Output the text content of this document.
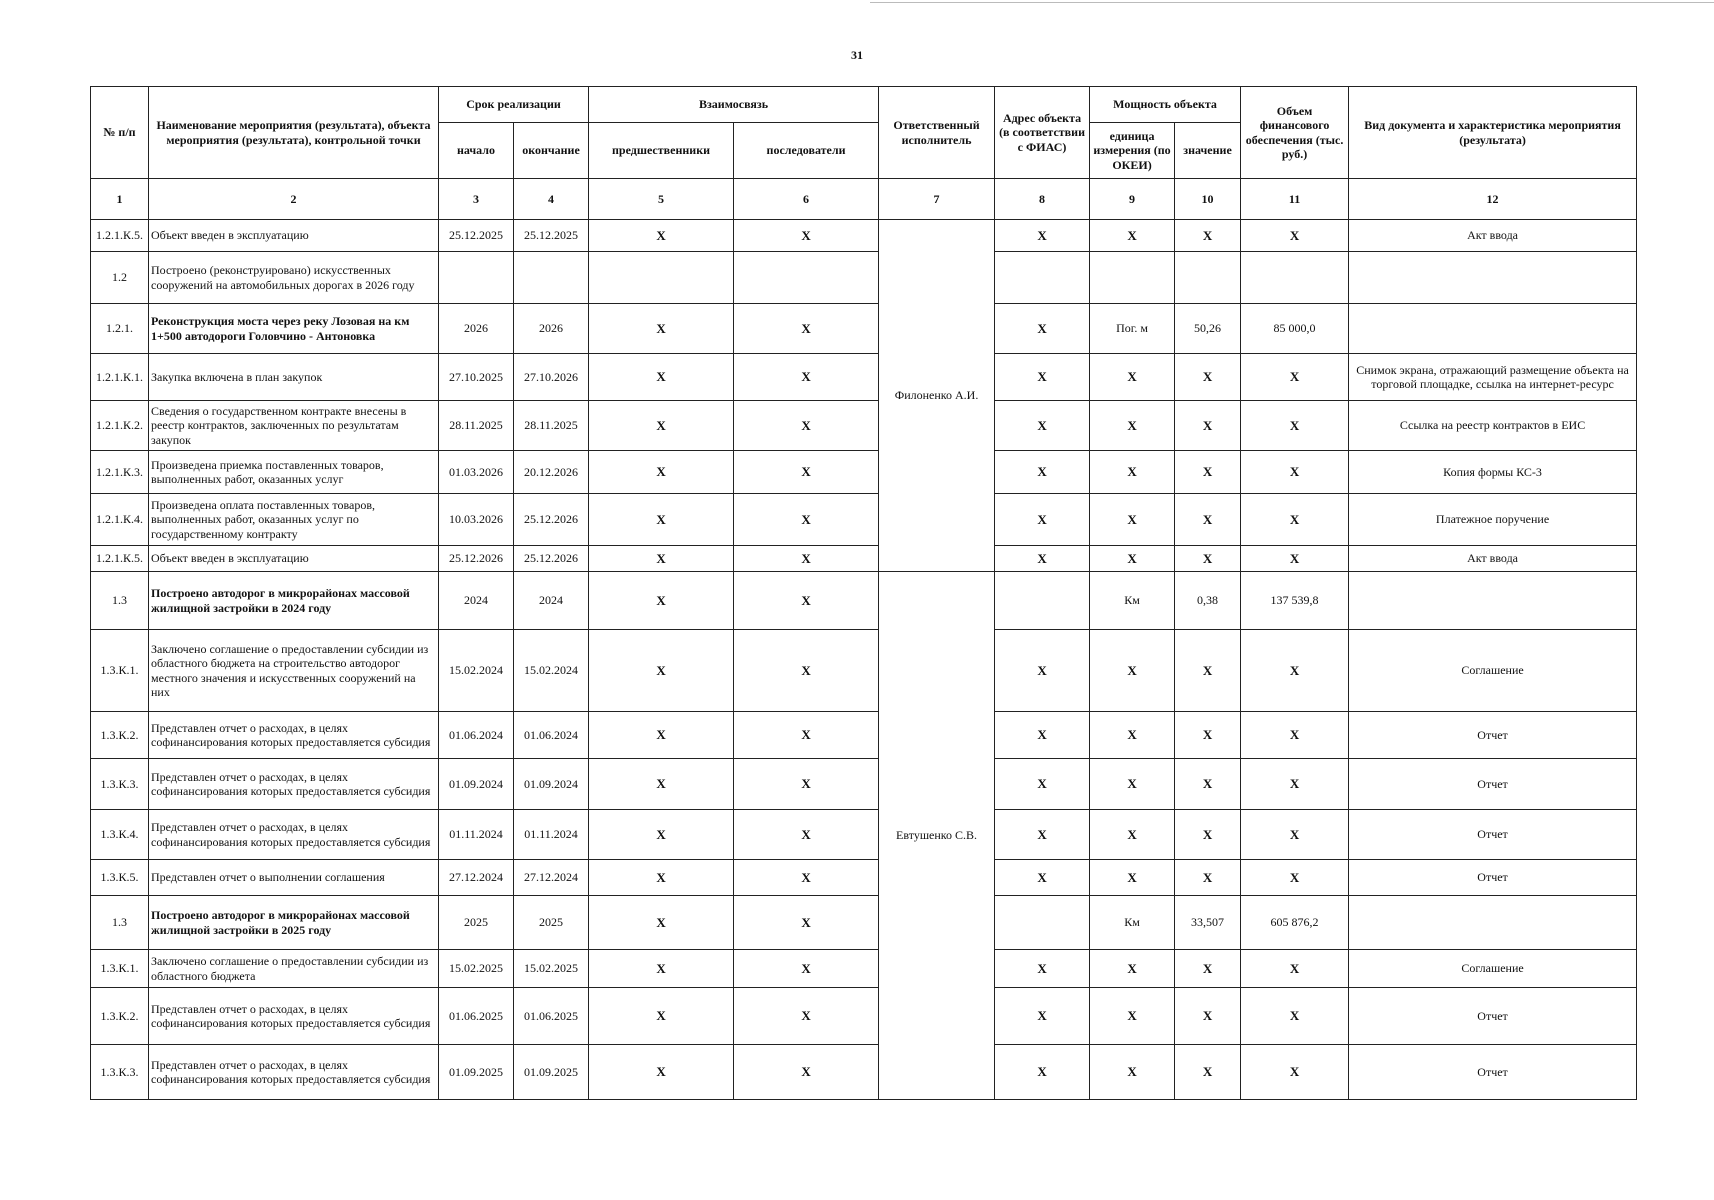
31
№ п/п	Наименование мероприятия (результата), объекта мероприятия (результата), контрольной точки	Срок реализации		Взаимосвязь		Ответственный исполнитель	Адрес объекта (в соответствии с ФИАС)	Мощность объекта		Объем финансового обеспечения (тыс. руб.)	Вид документа и характеристика мероприятия (результата)
		начало	окончание	предшественники	последователи			единица измерения (по ОКЕИ)	значение		
1	2	3	4	5	6	7	8	9	10	11	12
1.2.1.К.5.	Объект введен в эксплуатацию	25.12.2025	25.12.2025	X	X	Филоненко А.И.	X	X	X	X	Акт ввода
1.2	Построено (реконструировано) искусственных сооружений на автомобильных дорогах в 2026 году										
1.2.1.	Реконструкция моста через реку Лозовая на км 1+500 автодороги Головчино - Антоновка	2026	2026	X	X		X	Пог. м	50,26	85 000,0	
1.2.1.К.1.	Закупка включена в план закупок	27.10.2025	27.10.2026	X	X		X	X	X	X	Снимок экрана, отражающий размещение объекта на торговой площадке, ссылка на интернет-ресурс
1.2.1.К.2.	Сведения о государственном контракте внесены в реестр контрактов, заключенных по результатам закупок	28.11.2025	28.11.2025	X	X		X	X	X	X	Ссылка на реестр контрактов в ЕИС
1.2.1.К.3.	Произведена приемка поставленных товаров, выполненных работ, оказанных услуг	01.03.2026	20.12.2026	X	X		X	X	X	X	Копия формы КС-3
1.2.1.К.4.	Произведена оплата поставленных товаров, выполненных работ, оказанных услуг по государственному контракту	10.03.2026	25.12.2026	X	X		X	X	X	X	Платежное поручение
1.2.1.К.5.	Объект введен в эксплуатацию	25.12.2026	25.12.2026	X	X		X	X	X	X	Акт ввода
1.3	Построено автодорог в микрорайонах массовой жилищной застройки в 2024 году	2024	2024	X	X	Евтушенко С.В.		Км	0,38	137 539,8	
1.3.К.1.	Заключено соглашение о предоставлении субсидии из областного бюджета на строительство автодорог местного значения и искусственных сооружений на них	15.02.2024	15.02.2024	X	X		X	X	X	X	Соглашение
1.3.К.2.	Представлен отчет о расходах, в целях софинансирования которых предоставляется субсидия	01.06.2024	01.06.2024	X	X		X	X	X	X	Отчет
1.3.К.3.	Представлен отчет о расходах, в целях софинансирования которых предоставляется субсидия	01.09.2024	01.09.2024	X	X		X	X	X	X	Отчет
1.3.К.4.	Представлен отчет о расходах, в целях софинансирования которых предоставляется субсидия	01.11.2024	01.11.2024	X	X		X	X	X	X	Отчет
1.3.К.5.	Представлен отчет о выполнении соглашения	27.12.2024	27.12.2024	X	X		X	X	X	X	Отчет
1.3	Построено автодорог в микрорайонах массовой жилищной застройки в 2025 году	2025	2025	X	X			Км	33,507	605 876,2	
1.3.К.1.	Заключено соглашение о предоставлении субсидии из областного бюджета	15.02.2025	15.02.2025	X	X		X	X	X	X	Соглашение
1.3.К.2.	Представлен отчет о расходах, в целях софинансирования которых предоставляется субсидия	01.06.2025	01.06.2025	X	X		X	X	X	X	Отчет
1.3.К.3.	Представлен отчет о расходах, в целях софинансирования которых предоставляется субсидия	01.09.2025	01.09.2025	X	X		X	X	X	X	Отчет
